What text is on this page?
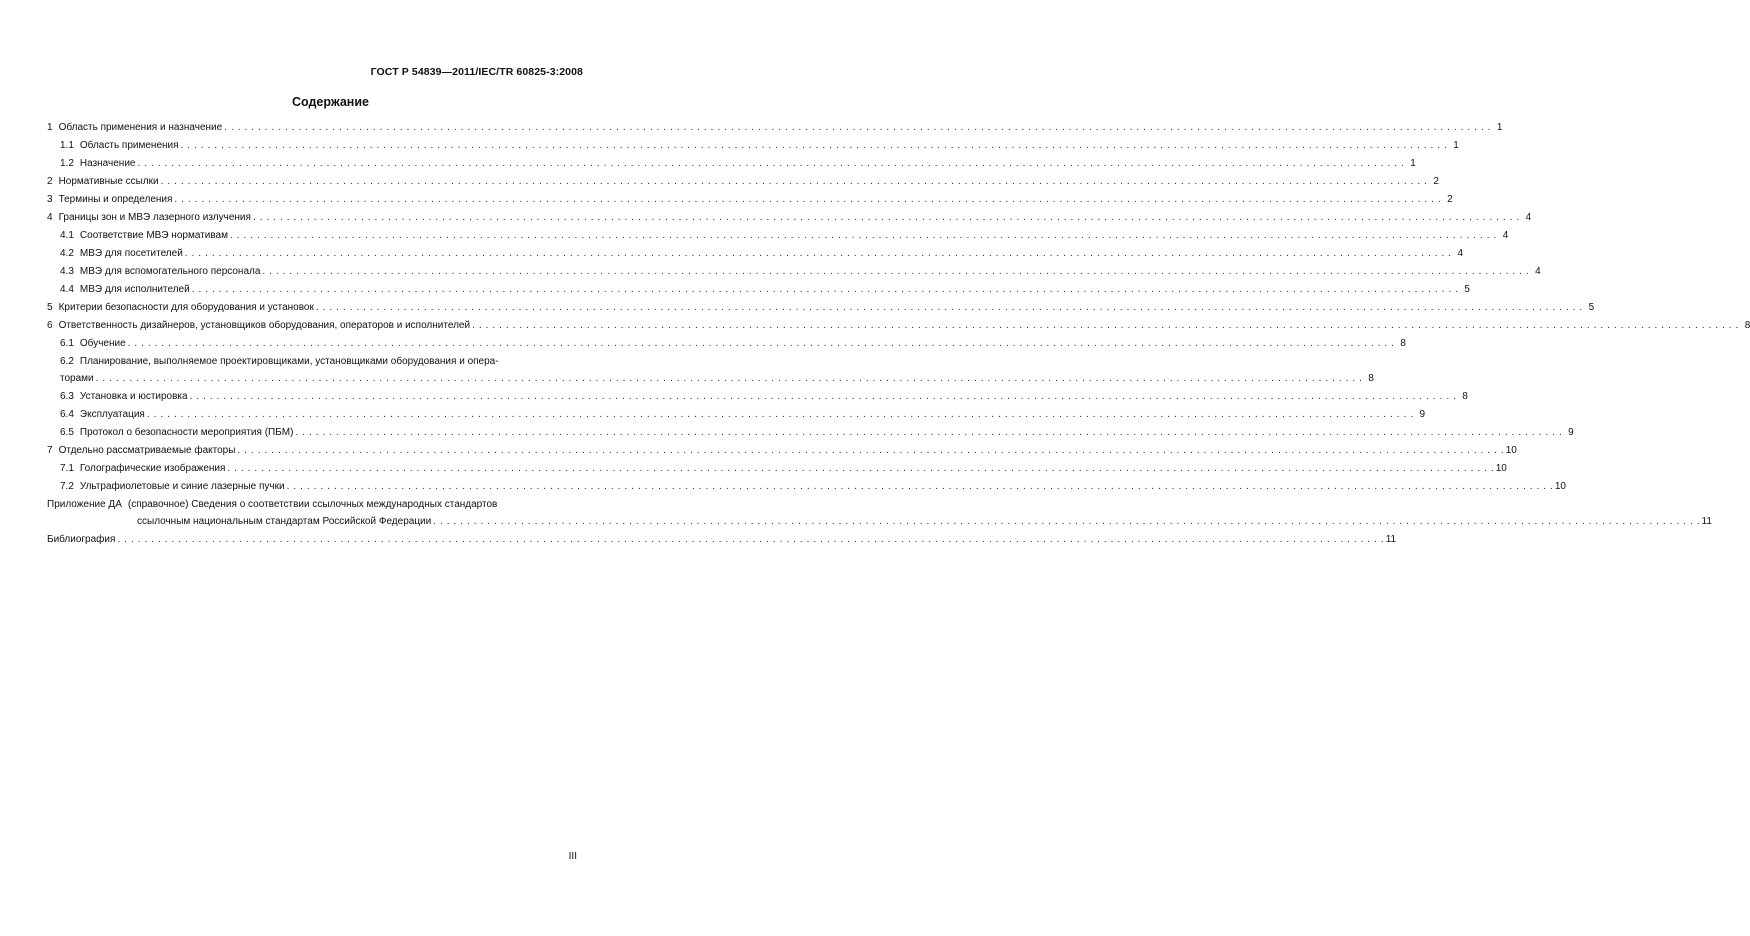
ГОСТ Р 54839—2011/IEC/TR 60825-3:2008
Содержание
1 Область применения и назначение . . .	1
1.1 Область применения . . .	1
1.2 Назначение . . .	1
2 Нормативные ссылки . . .	2
3 Термины и определения . . .	2
4 Границы зон и МВЭ лазерного излучения . . .	4
4.1 Соответствие МВЭ нормативам . . .	4
4.2 МВЭ для посетителей . . .	4
4.3 МВЭ для вспомогательного персонала . . .	4
4.4 МВЭ для исполнителей . . .	5
5 Критерии безопасности для оборудования и установок . . .	5
6 Ответственность дизайнеров, установщиков оборудования, операторов и исполнителей . . .	8
6.1 Обучение . . .	8
6.2 Планирование, выполняемое проектировщиками, установщиками оборудования и опера-
торами . . .	8
6.3 Установка и юстировка . . .	8
6.4 Эксплуатация . . .	9
6.5 Протокол о безопасности мероприятия (ПБМ) . . .	9
7 Отдельно рассматриваемые факторы . . .	10
7.1 Голографические изображения . . .	10
7.2 Ультрафиолетовые и синие лазерные пучки . . .	10
Приложение ДА (справочное) Сведения о соответствии ссылочных международных стандартов
ссылочным национальным стандартам Российской Федерации . . .	11
Библиография . . .	11
III
